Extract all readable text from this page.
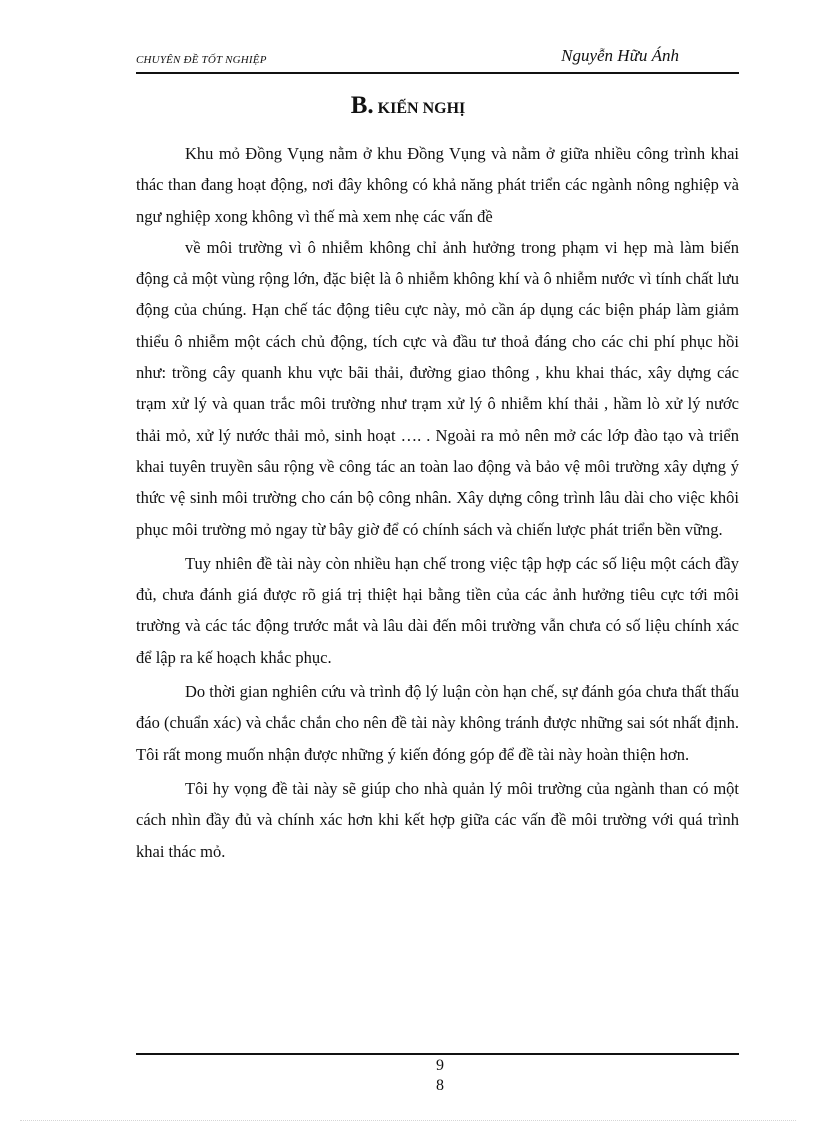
CHUYÊN ĐỀ TỐT NGHIỆP	Nguyễn Hữu Ánh
B. KIẾN NGHỊ

Khu mỏ Đồng Vụng nằm ở khu Đồng Vụng và nằm ở giữa nhiều công trình khai thác than đang hoạt động, nơi đây không có khả năng phát triển các ngành nông nghiệp và ngư nghiệp xong không vì thế mà xem nhẹ các vấn đề

về môi trường vì ô nhiễm không chỉ ảnh hưởng trong phạm vi hẹp mà làm biến động cả một vùng rộng lớn, đặc biệt là ô nhiễm không khí và ô nhiễm nước vì tính chất lưu động của chúng. Hạn chế tác động tiêu cực này, mỏ cần áp dụng các biện pháp làm giảm thiểu ô nhiễm một cách chủ động, tích cực và đầu tư thoả đáng cho các chi phí phục hồi như: trồng cây quanh khu vực bãi thải, đường giao thông , khu khai thác, xây dựng các trạm xử lý và quan trắc môi trường như trạm xử lý ô nhiễm khí thải , hầm lò xử lý nước thải mỏ, xử lý nước thải mỏ, sinh hoạt …. . Ngoài ra mỏ nên mở các lớp đào tạo và triển khai tuyên truyền sâu rộng về công tác an toàn lao động và bảo vệ môi trường xây dựng ý thức vệ sinh môi trường cho cán bộ công nhân. Xây dựng công trình lâu dài cho việc khôi phục môi trường mỏ ngay từ bây giờ để có chính sách và chiến lược phát triển bền vững.

Tuy nhiên đề tài này còn nhiều hạn chế trong việc tập hợp các số liệu một cách đầy đủ, chưa đánh giá được rõ giá trị thiệt hại bằng tiền của các ảnh hưởng tiêu cực tới môi trường và các tác động trước mắt và lâu dài đến môi trường vẫn chưa có số liệu chính xác để lập ra kế hoạch khắc phục.

Do thời gian nghiên cứu và trình độ lý luận còn hạn chế, sự đánh góa chưa thất thấu đáo (chuẩn xác) và chắc chắn cho nên đề tài này không tránh được những sai sót nhất định. Tôi rất mong muốn nhận được những ý kiến đóng góp để đề tài này hoàn thiện hơn.

Tôi hy vọng đề tài này sẽ giúp cho nhà quản lý môi trường của ngành than có một cách nhìn đầy đủ và chính xác hơn khi kết hợp giữa các vấn đề môi trường với quá trình khai thác mỏ.

9
8
